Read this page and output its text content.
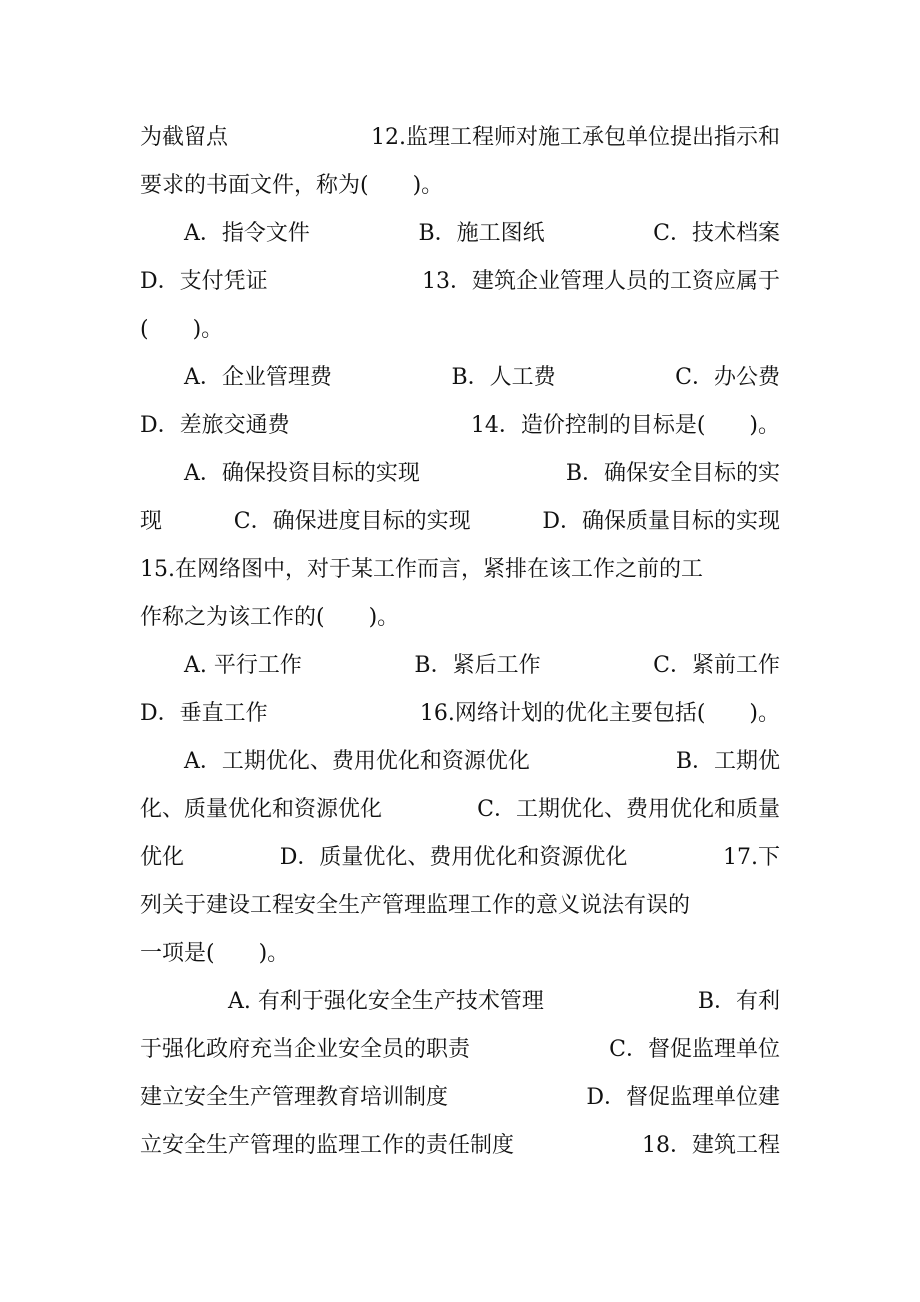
为截留点	12.监理工程师对施工承包单位提出指示和
要求的书面文件，称为(　　)。
　　A．指令文件	B．施工图纸	C．技术档案
D．支付凭证	13．建筑企业管理人员的工资应属于
(　　)。
　　A．企业管理费	B．人工费	C．办公费
D．差旅交通费	14．造价控制的目标是(　　)。
　　A．确保投资目标的实现	B．确保安全目标的实
现	C．确保进度目标的实现	D．确保质量目标的实现
15.在网络图中，对于某工作而言，紧排在该工作之前的工
作称之为该工作的(　　)。
　　A. 平行工作	B．紧后工作	C．紧前工作
D．垂直工作	16.网络计划的优化主要包括(　　)。
　　A．工期优化、费用优化和资源优化	B．工期优
化、质量优化和资源优化	C．工期优化、费用优化和质量
优化	D．质量优化、费用优化和资源优化	17.下
列关于建设工程安全生产管理监理工作的意义说法有误的
一项是(　　)。
　　　　A. 有利于强化安全生产技术管理	B．有利
于强化政府充当企业安全员的职责	C．督促监理单位
建立安全生产管理教育培训制度	D．督促监理单位建
立安全生产管理的监理工作的责任制度	18．建筑工程
